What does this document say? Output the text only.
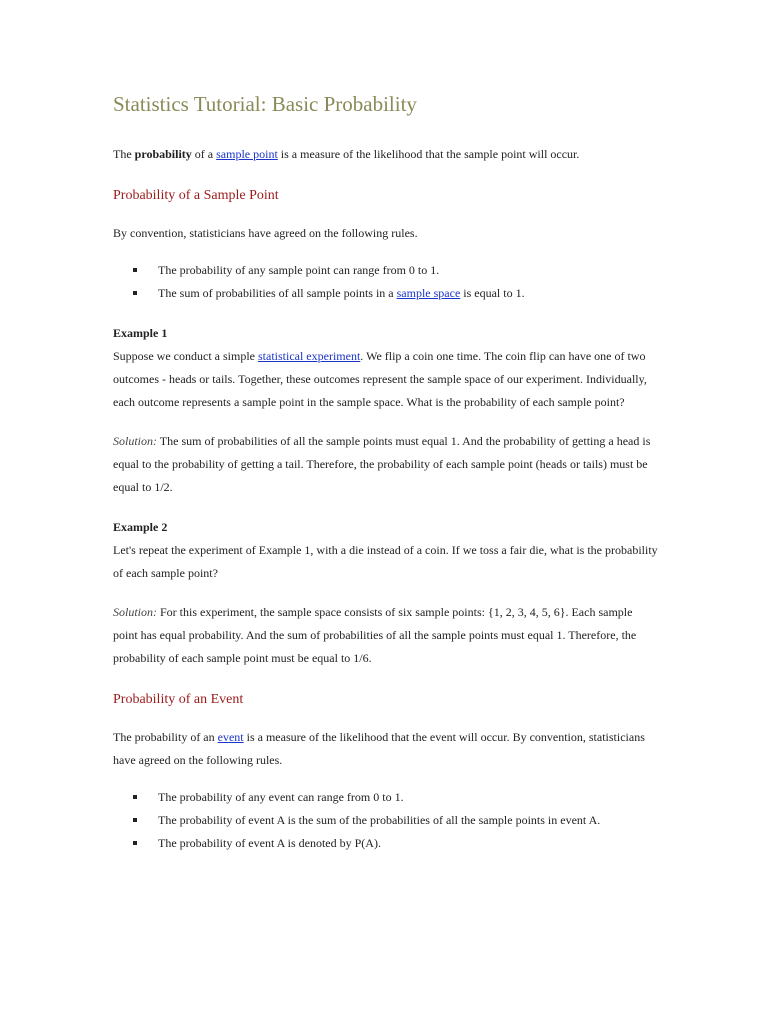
Statistics Tutorial: Basic Probability

The probability of a sample point is a measure of the likelihood that the sample point will occur.

Probability of a Sample Point

By convention, statisticians have agreed on the following rules.

The probability of any sample point can range from 0 to 1.
The sum of probabilities of all sample points in a sample space is equal to 1.

Example 1

Suppose we conduct a simple statistical experiment. We flip a coin one time. The coin flip can have one of two outcomes - heads or tails. Together, these outcomes represent the sample space of our experiment. Individually, each outcome represents a sample point in the sample space. What is the probability of each sample point?

Solution: The sum of probabilities of all the sample points must equal 1. And the probability of getting a head is equal to the probability of getting a tail. Therefore, the probability of each sample point (heads or tails) must be equal to 1/2.

Example 2

Let's repeat the experiment of Example 1, with a die instead of a coin. If we toss a fair die, what is the probability of each sample point?

Solution: For this experiment, the sample space consists of six sample points: {1, 2, 3, 4, 5, 6}. Each sample point has equal probability. And the sum of probabilities of all the sample points must equal 1. Therefore, the probability of each sample point must be equal to 1/6.

Probability of an Event

The probability of an event is a measure of the likelihood that the event will occur. By convention, statisticians have agreed on the following rules.

The probability of any event can range from 0 to 1.
The probability of event A is the sum of the probabilities of all the sample points in event A.
The probability of event A is denoted by P(A).
